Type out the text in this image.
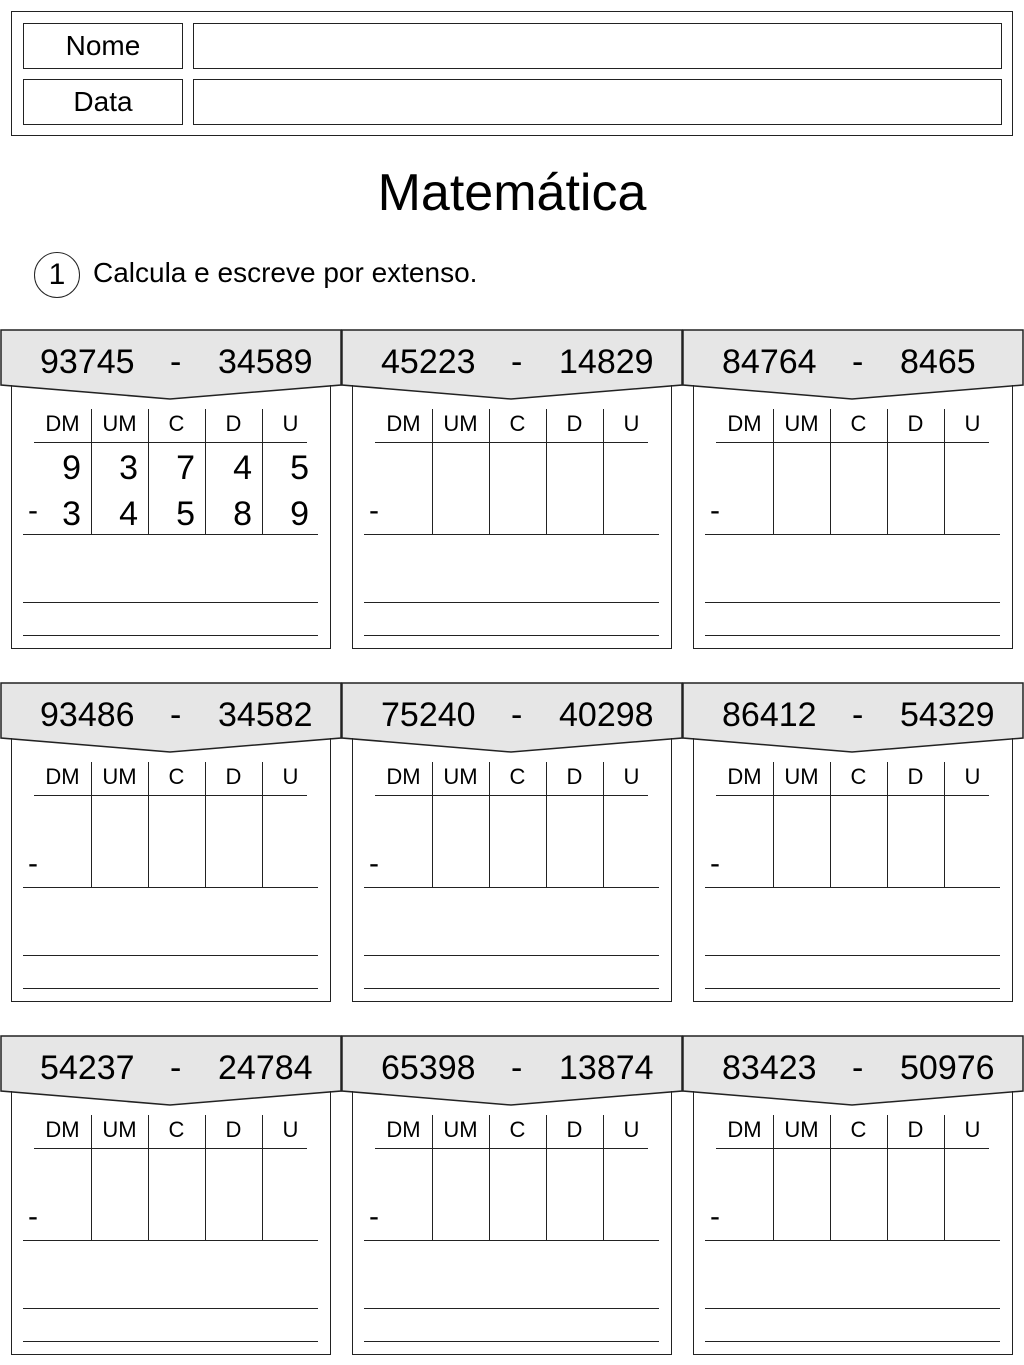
Nome
Data
Matemática
1 Calcula e escreve por extenso.
93745 - 34589
DM	UM	C	D	U
-
9	3	7	4	5
3	4	5	8	9
45223 - 14829
DM	UM	C	D	U
-
84764 - 8465
DM	UM	C	D	U
-
93486 - 34582
DM	UM	C	D	U
-
75240 - 40298
DM	UM	C	D	U
-
86412 - 54329
DM	UM	C	D	U
-
54237 - 24784
DM	UM	C	D	U
-
65398 - 13874
DM	UM	C	D	U
-
83423 - 50976
DM	UM	C	D	U
-
